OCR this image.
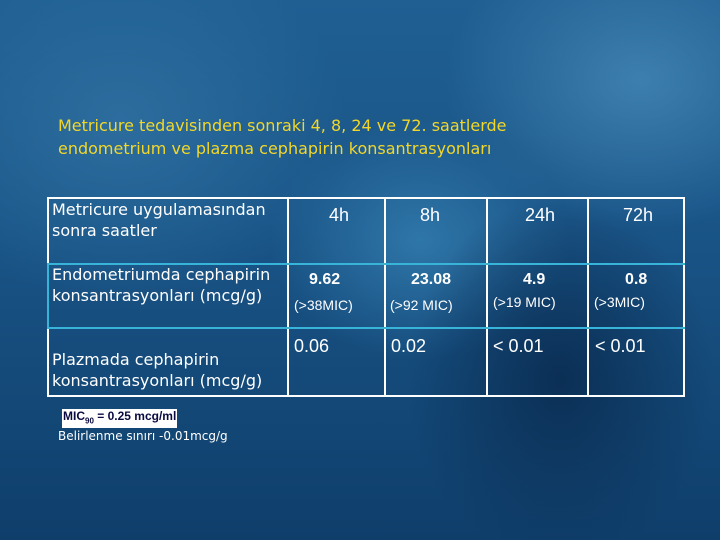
Metricure tedavisinden sonraki 4, 8, 24 ve 72. saatlerde
endometrium ve plazma cephapirin konsantrasyonları
Metricure uygulamasından
sonra saatler
4h	8h	24h	72h
Endometriumda cephapirin
konsantrasyonları (mcg/g)
9.62	23.08	4.9	0.8
(>38MIC)	(>92 MIC)	(>19 MIC)	(>3MIC)
Plazmada cephapirin
konsantrasyonları (mcg/g)
0.06	0.02	< 0.01	< 0.01
$MIC_{90} = 0.25$ mcg/ml
Belirlenme sınırı -0.01mcg/g
